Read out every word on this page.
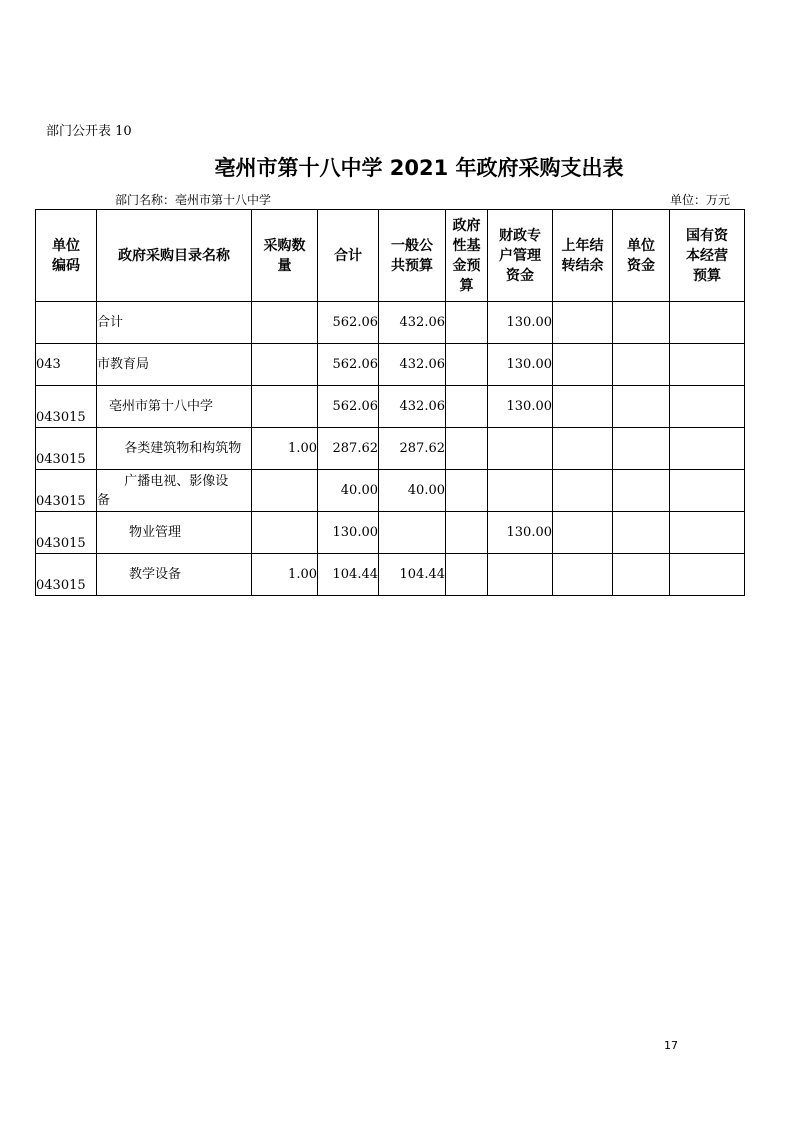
部门公开表 10
亳州市第十八中学 2021 年政府采购支出表
部门名称：亳州市第十八中学	单位：万元
单位编码	政府采购目录名称	采购数量	合计	一般公共预算	政府性基金预算	财政专户管理资金	上年结转结余	单位资金	国有资本经营预算

	合计		562.06	432.06		130.00			
043	市教育局		562.06	432.06		130.00			
043015	亳州市第十八中学		562.06	432.06		130.00			
043015	各类建筑物和构筑物	1.00	287.62	287.62					
043015	广播电视、影像设备		40.00	40.00					
043015	物业管理		130.00			130.00			
043015	教学设备	1.00	104.44	104.44					
17
